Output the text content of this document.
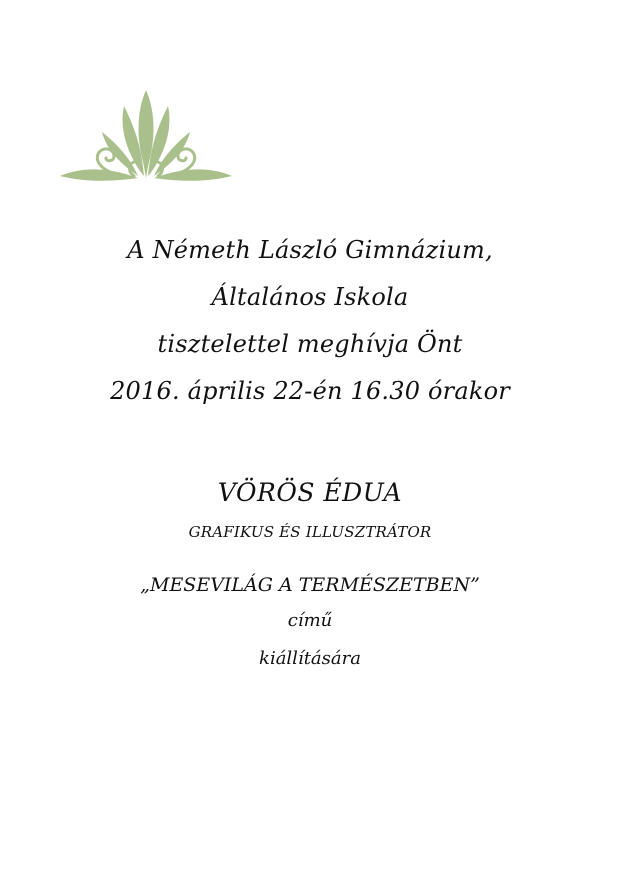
A Németh László Gimnázium,
Általános Iskola
tisztelettel meghívja Önt
2016. április 22-én 16.30 órakor
VÖRÖS ÉDUA
GRAFIKUS ÉS ILLUSZTRÁTOR
„MESEVILÁG A TERMÉSZETBEN”
című
kiállítására
